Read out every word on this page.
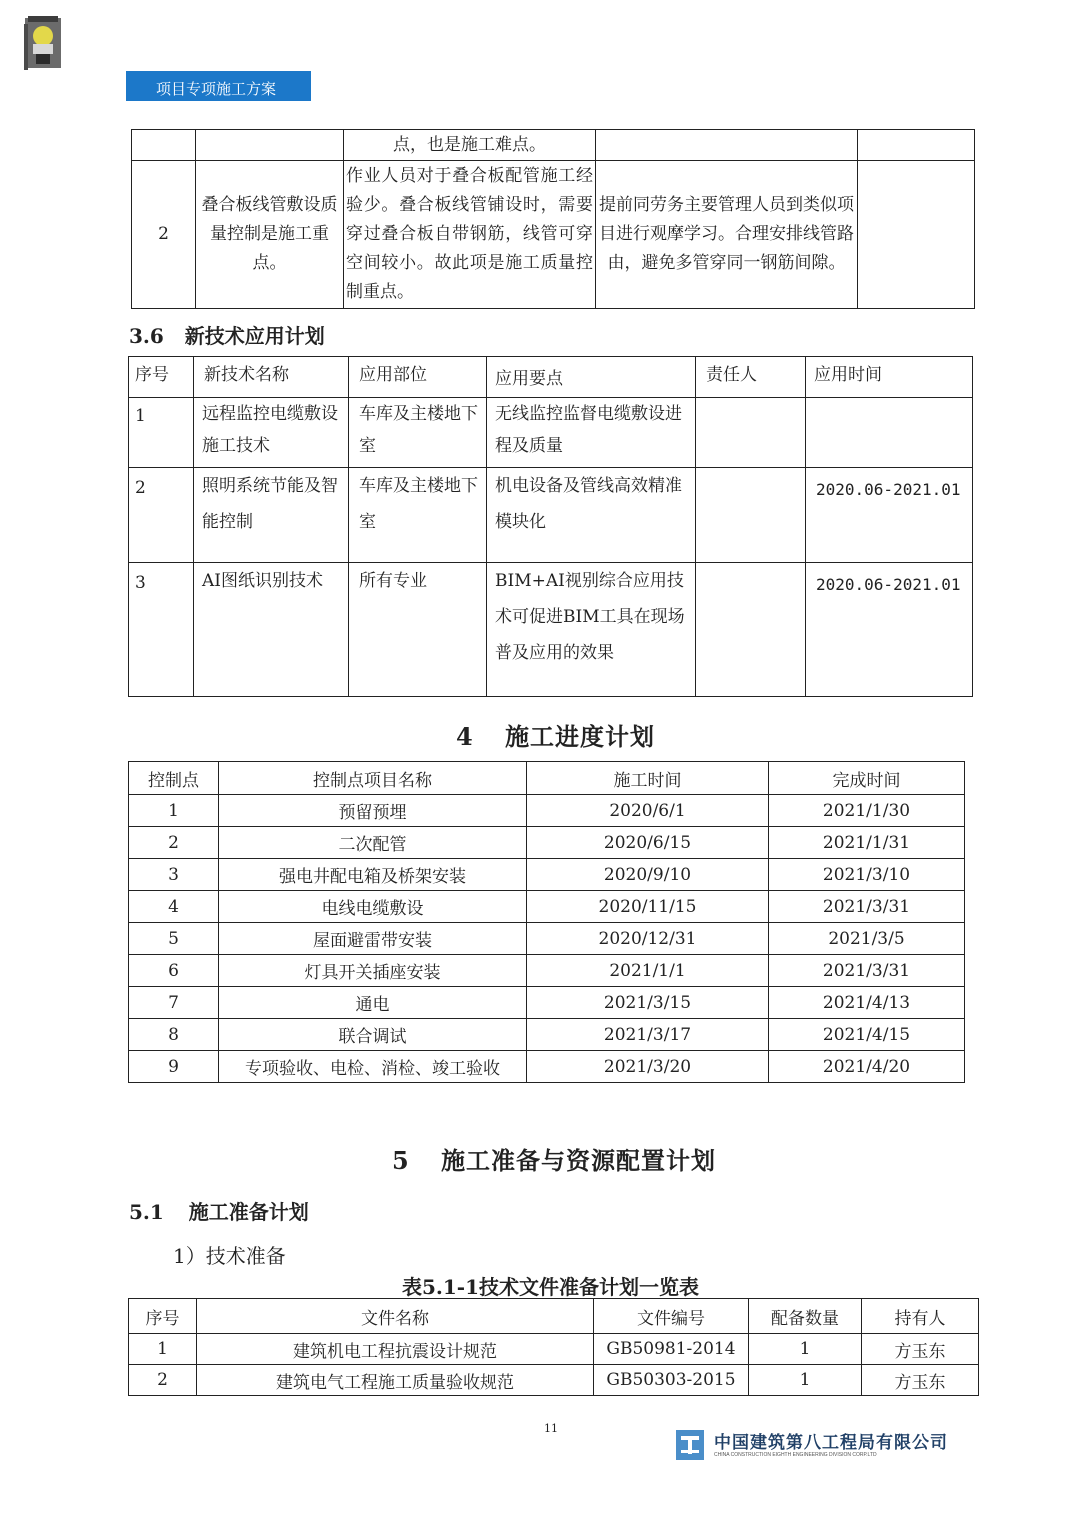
项目专项施工方案
		点，也是施工难点。		
2	叠合板线管敷设质量控制是施工重点。	作业人员对于叠合板配管施工经验少。叠合板线管铺设时，需要穿过叠合板自带钢筋，线管可穿空间较小。故此项是施工质量控制重点。	提前同劳务主要管理人员到类似项目进行观摩学习。合理安排线管路由，避免多管穿同一钢筋间隙。	
3.6 新技术应用计划
序号	新技术名称	应用部位	应用要点	责任人	应用时间
1	远程监控电缆敷设施工技术	车库及主楼地下室	无线监控监督电缆敷设进程及质量		
2	照明系统节能及智能控制	车库及主楼地下室	机电设备及管线高效精准模块化		2020.06-2021.01
3	AI图纸识别技术	所有专业	BIM+AI视别综合应用技术可促进BIM工具在现场普及应用的效果		2020.06-2021.01
4 施工进度计划
控制点	控制点项目名称	施工时间	完成时间
1	预留预埋	2020/6/1	2021/1/30
2	二次配管	2020/6/15	2021/1/31
3	强电井配电箱及桥架安装	2020/9/10	2021/3/10
4	电线电缆敷设	2020/11/15	2021/3/31
5	屋面避雷带安装	2020/12/31	2021/3/5
6	灯具开关插座安装	2021/1/1	2021/3/31
7	通电	2021/3/15	2021/4/13
8	联合调试	2021/3/17	2021/4/15
9	专项验收、电检、消检、竣工验收	2021/3/20	2021/4/20
5 施工准备与资源配置计划
5.1 施工准备计划
1）技术准备
表5.1-1技术文件准备计划一览表
序号	文件名称	文件编号	配备数量	持有人
1	建筑机电工程抗震设计规范	GB50981-2014	1	方玉东
2	建筑电气工程施工质量验收规范	GB50303-2015	1	方玉东
11
中国建筑第八工程局有限公司
CHINA CONSTRUCTION EIGHTH ENGINEERING DIVISION CORP.LTD
